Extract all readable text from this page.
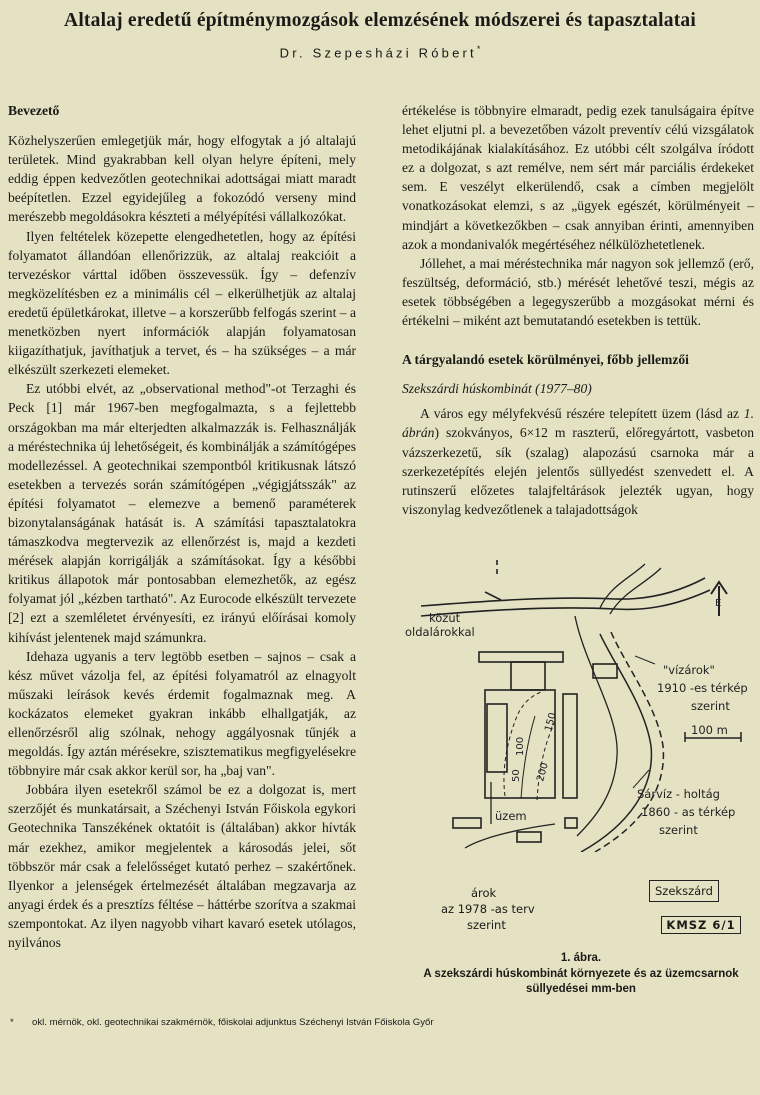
Altalaj eredetű építménymozgások elemzésének módszerei és tapasztalatai
Dr. Szepesházi Róbert*
Bevezető

Közhelyszerűen emlegetjük már, hogy elfogytak a jó altalajú területek. Mind gyakrabban kell olyan helyre építeni, mely eddig éppen kedvezőtlen geotechnikai adottságai miatt maradt beépítetlen. Ezzel egyidejűleg a fokozódó verseny mind merészebb megoldásokra készteti a mélyépítési vállalkozókat.

Ilyen feltételek közepette elengedhetetlen, hogy az építési folyamatot állandóan ellenőrizzük, az altalaj reakcióit a tervezéskor várttal időben összevessük. Így – defenzív megközelítésben ez a minimális cél – elkerülhetjük az altalaj eredetű épületkárokat, illetve – a korszerűbb felfogás szerint – a menetközben nyert információk alapján folyamatosan kiigazíthatjuk, javíthatjuk a tervet, és – ha szükséges – a már elkészült szerkezeti elemeket.

Ez utóbbi elvét, az „observational method"-ot Terzaghi és Peck [1] már 1967-ben megfogalmazta, s a fejlettebb országokban ma már elterjedten alkalmazzák is. Felhasználják a méréstechnika új lehetőségeit, és kombinálják a számítógépes modellezéssel. A geotechnikai szempontból kritikusnak látszó esetekben a tervezés során számítógépen „végigjátsszák" az építési folyamatot – elemezve a bemenő paraméterek bizonytalanságának hatását is. A számítási tapasztalatokra támaszkodva megtervezik az ellenőrzést is, majd a kezdeti mérések alapján korrigálják a számításokat. Így a későbbi kritikus állapotok már pontosabban elemezhetők, az egész folyamat jól „kézben tartható". Az Eurocode elkészült tervezete [2] ezt a szemléletet érvényesíti, ez irányú előírásai komoly kihívást jelentenek majd számunkra.

Idehaza ugyanis a terv legtöbb esetben – sajnos – csak a kész művet vázolja fel, az építési folyamatról az elnagyolt műszaki leírások kevés érdemit fogalmaznak meg. A kockázatos elemeket gyakran inkább elhallgatják, az ellenőrzésről alig szólnak, nehogy aggályosnak tűnjék a megoldás. Így aztán mérésekre, szisztematikus megfigyelésekre többnyire már csak akkor kerül sor, ha „baj van".

Jobbára ilyen esetekről számol be ez a dolgozat is, mert szerzőjét és munkatársait, a Széchenyi István Főiskola egykori Geotechnika Tanszékének oktatóit is (általában) akkor hívták már ezekhez, amikor megjelentek a károsodás jelei, sőt többször már csak a felelősséget kutató perhez – szakértőnek. Ilyenkor a jelenségek értelmezését általában megzavarja az anyagi érdek és a presztízs féltése – háttérbe szorítva a szakmai szempontokat. Az ilyen nagyobb vihart kavaró esetek utólagos, nyilvános

értékelése is többnyire elmaradt, pedig ezek tanulságaira építve lehet eljutni pl. a bevezetőben vázolt preventív célú vizsgálatok metodikájának kialakításához. Ez utóbbi célt szolgálva íródott ez a dolgozat, s azt remélve, nem sért már parciális érdekeket sem. E veszélyt elkerülendő, csak a címben megjelölt vonatkozásokat elemzi, s az „ügyek egészét, körülményeit – mindjárt a következőkben – csak annyiban érinti, amennyiben azok a mondanivalók megértéséhez nélkülözhetetlenek.

Jóllehet, a mai méréstechnika már nagyon sok jellemző (erő, feszültség, deformáció, stb.) mérését lehetővé teszi, mégis az esetek többségében a legegyszerűbb a mozgásokat mérni és értékelni – miként azt bemutatandó esetekben is tettük.

A tárgyalandó esetek körülményei, főbb jellemzői
Szekszárdi húskombinát (1977–80)

A város egy mélyfekvésű részére telepített üzem (lásd az 1. ábrán) szokványos, 6×12 m raszterű, előregyártott, vasbeton vázszerkezetű, sík (szalag) alapozású csarnoka már a szerkezetépítés elején jelentős süllyedést szenvedett el. A rutinszerű előzetes talajfeltárások jelezték ugyan, hogy viszonylag kedvezőtlenek a talajadottságok

közút
oldalárokkal
"vízárok"
1910 -es térkép
szerint
100 m
Sárvíz - holtág
1860 - as térkép
szerint
üzem
É
50
100
150
200
árok
az 1978 -as terv
szerint
Szekszárd
KMSZ 6/1
1. ábra.
A szekszárdi húskombinát környezete és az üzemcsarnok
süllyedései mm-ben
* okl. mérnök, okl. geotechnikai szakmérnök, főiskolai adjunktus Széchenyi István Főiskola Győr
